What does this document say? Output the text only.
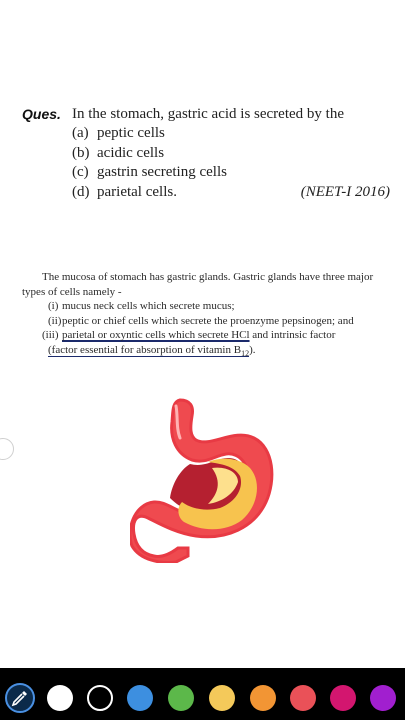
Ques. In the stomach, gastric acid is secreted by the
(a) peptic cells
(b) acidic cells
(c) gastrin secreting cells
(d) parietal cells.	(NEET-I 2016)

The mucosa of stomach has gastric glands. Gastric glands have three major types of cells namely -

(i) mucus neck cells which secrete mucus;
(ii) peptic or chief cells which secrete the proenzyme pepsinogen; and
(iii) parietal or oxyntic cells which secrete HCl and intrinsic factor
(factor essential for absorption of vitamin $B_{12}$).
